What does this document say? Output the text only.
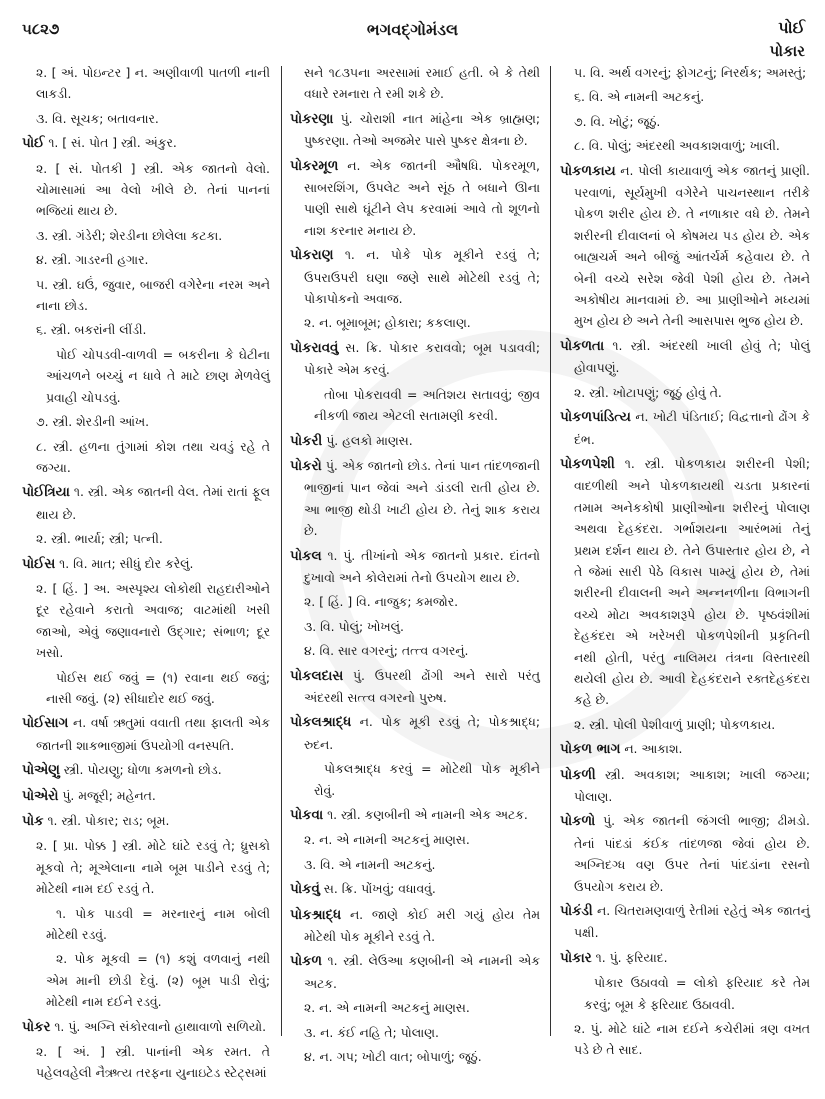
૫૮૨૭	ભગવદ્ગોમંડલ	પોઈ
પોકાર

૨. [ અં. પોઇન્ટર ] ન. અણીવાળી પાતળી નાની લાકડી.

૩. વિ. સૂચક; બતાવનાર.

પોઈ ૧. [ સં. પોત ] સ્ત્રી. અંકુર.

૨. [ સં. પોતકી ] સ્ત્રી. એક જાતનો વેલો. ચોમાસામાં આ વેલો ખીલે છે. તેનાં પાનનાં ભજિયાં થાય છે.

૩. સ્ત્રી. ગંડેરી; શેરડીના છોલેલા કટકા.

૪. સ્ત્રી. ગાડરની હગાર.

૫. સ્ત્રી. ઘઉં, જુવાર, બાજરી વગેરેના નરમ અને નાના છોડ.

૬. સ્ત્રી. બકરાંની લીંડી.

પોઈ ચોપડવી-વાળવી = બકરીના કે ઘેટીના આંચળને બચ્ચું ન ધાવે તે માટે છાણ મેળવેલું પ્રવાહી ચોપડવું.

૭. સ્ત્રી. શેરડીની આંખ.

૮. સ્ત્રી. હળના તુંગામાં કોશ તથા ચવડું રહે તે જગ્યા.

પોઈત્રિયા ૧. સ્ત્રી. એક જાતની વેલ. તેમાં રાતાં ફૂલ થાય છે.

૨. સ્ત્રી. ભાર્યા; સ્ત્રી; પત્ની.

પોઈસ ૧. વિ. માત; સીધું દોર કરેલું.

૨. [ હિં. ] અ. અસ્પૃશ્ય લોકોથી રાહદારીઓને દૂર રહેવાને કરાતો અવાજ; વાટમાંથી ખસી જાઓ, એવું જણાવનારો ઉદ્ગાર; સંભાળ; દૂર ખસો.

પોઈસ થઈ જવું = (૧) રવાના થઈ જવું; નાસી જવું. (૨) સીધાદોર થઈ જવું.

પોઈસાગ ન. વર્ષા ઋતુમાં વવાતી તથા ફાલતી એક જાતની શાકભાજીમાં ઉપયોગી વનસ્પતિ.

પોએણુ સ્ત્રી. પોયણુ; ધોળા કમળનો છોડ.

પોએરો પું. મજૂરી; મહેનત.

પોક ૧. સ્ત્રી. પોકાર; રાડ; બૂમ.

૨. [ પ્રા. પોક્ક ] સ્ત્રી. મોટે ઘાંટે રડવું તે; ધ્રુસકો મૂકવો તે; મૂએલાના નામે બૂમ પાડીને રડવું તે; મોટેથી નામ દઈ રડવું તે.

૧. પોક પાડવી = મરનારનું નામ બોલી મોટેથી રડવું.

૨. પોક મૂકવી = (૧) કશું વળવાનું નથી એમ માની છોડી દેવું. (૨) બૂમ પાડી રોવું; મોટેથી નામ દઈને રડવું.

પોકર ૧. પું. અગ્નિ સંકોરવાનો હાથાવાળો સળિયો.

૨. [ અં. ] સ્ત્રી. પાનાંની એક રમત. તે પહેલવહેલી નૈઋત્ય તરફના યુનાઇટેડ સ્ટેટ્સમાં

સને ૧૮૩૫ના અરસામાં રમાઈ હતી. બે કે તેથી વધારે રમનારા તે રમી શકે છે.

પોકરણા પું. ચોરાશી નાત માંહેના એક બ્રાહ્મણ; પુષ્કરણા. તેઓ અજમેર પાસે પુષ્કર ક્ષેત્રના છે.

પોકરમૂળ ન. એક જાતની ઔષધિ. પોકરમૂળ, સાબરશિંગ, ઉપલેટ અને સૂંઠ તે બધાને ઊના પાણી સાથે ઘૂંટીને લેપ કરવામાં આવે તો શૂળનો નાશ કરનાર મનાય છે.

પોકરાણ ૧. ન. પોકે પોક મૂકીને રડવું તે; ઉપરાઉપરી ઘણા જણે સાથે મોટેથી રડવું તે; પોકાપોકનો અવાજ.

૨. ન. બૂમાબૂમ; હોકારા; કકલાણ.

પોકરાવવું સ. ક્રિ. પોકાર કરાવવો; બૂમ પડાવવી; પોકારે એમ કરવું.

તોબા પોકરાવવી = અતિશય સતાવવું; જીવ નીકળી જાય એટલી સતામણી કરવી.

પોકરી પું. હલકો માણસ.

પોકરો પું. એક જાતનો છોડ. તેનાં પાન તાંદળજાની ભાજીનાં પાન જેવાં અને ડાંડલી રાતી હોય છે. આ ભાજી થોડી ખાટી હોય છે. તેનું શાક કરાય છે.

પોકલ ૧. પું. તીખાંનો એક જાતનો પ્રકાર. દાંતનો દુખાવો અને કોલેરામાં તેનો ઉપયોગ થાય છે.

૨. [ હિં. ] વિ. નાજુક; કમજોર.

૩. વિ. પોલું; ખોખલું.

૪. વિ. સાર વગરનું; તત્ત્વ વગરનું.

પોકલદાસ પું. ઉપરથી ઢોંગી અને સારો પરંતુ અંદરથી સત્ત્વ વગરનો પુરુષ.

પોકલશ્રાદ્ધ ન. પોક મૂકી રડવું તે; પોકશ્રાદ્ધ; રુદન.

પોકલશ્રાદ્ધ કરવું = મોટેથી પોક મૂકીને રોવું.

પોકવા ૧. સ્ત્રી. કણબીની એ નામની એક અટક.

૨. ન. એ નામની અટકનું માણસ.

૩. વિ. એ નામની અટકનું.

પોકવું સ. ક્રિ. પોંખવું; વધાવવું.

પોકશ્રાદ્ધ ન. જાણે કોઈ મરી ગયું હોય તેમ મોટેથી પોક મૂકીને રડવું તે.

પોકળ ૧. સ્ત્રી. લેઉઆ કણબીની એ નામની એક અટક.

૨. ન. એ નામની અટકનું માણસ.

૩. ન. કંઈ નહિ તે; પોલાણ.

૪. ન. ગપ; ખોટી વાત; બોપાળું; જૂઠું.

૫. વિ. અર્થ વગરનું; ફોગટનું; નિરર્થક; અમસ્તું;

૬. વિ. એ નામની અટકનું.

૭. વિ. ખોટું; જૂઠું.

૮. વિ. પોલું; અંદરથી અવકાશવાળું; ખાલી.

પોકળકાય ન. પોલી કાયાવાળું એક જાતનું પ્રાણી. પરવાળાં, સૂર્યમુખી વગેરેને પાચનસ્થાન તરીકે પોકળ શરીર હોય છે. તે નળાકાર વધે છે. તેમને શરીરની દીવાલનાં બે કોષમય પડ હોય છે. એક બાહ્યચર્મ અને બીજું આંતર્ચર્મ કહેવાય છે. તે બેની વચ્ચે સરેશ જેવી પેશી હોય છે. તેમને અકોષીય માનવામાં છે. આ પ્રાણીઓને મધ્યમાં મુખ હોય છે અને તેની આસપાસ ભુજ હોય છે.

પોકળતા ૧. સ્ત્રી. અંદરથી ખાલી હોવું તે; પોલું હોવાપણું.

૨. સ્ત્રી. ખોટાપણું; જૂઠું હોવું તે.

પોકળપાંડિત્ય ન. ખોટી પંડિતાઈ; વિદ્વત્તાનો ઢોંગ કે દંભ.

પોકળપેશી ૧. સ્ત્રી. પોકળકાય શરીરની પેશી; વાદળીથી અને પોકળકાયથી ચડતા પ્રકારનાં તમામ અનેકકોષી પ્રાણીઓના શરીરનું પોલાણ અથવા દેહકંદરા. ગર્ભાશયના આરંભમાં તેનું પ્રથમ દર્શન થાય છે. તેને ઉપાસ્તાર હોય છે, ને તે જેમાં સારી પેઠે વિકાસ પામ્યું હોય છે, તેમાં શરીરની દીવાલની અને અન્નનળીના વિભાગની વચ્ચે મોટા અવકાશરૂપે હોય છે. પૃષ્ઠવંશીમાં દેહકંદરા એ ખરેખરી પોકળપેશીની પ્રકૃતિની નથી હોતી, પરંતુ નાલિમય તંત્રના વિસ્તારથી થયેલી હોય છે. આવી દેહકંદરાને રક્તદેહકંદરા કહે છે.

૨. સ્ત્રી. પોલી પેશીવાળું પ્રાણી; પોકળકાય.

પોકળ ભાગ ન. આકાશ.

પોકળી સ્ત્રી. અવકાશ; આકાશ; ખાલી જગ્યા; પોલાણ.

પોકળો પું. એક જાતની જંગલી ભાજી; ઢીમડો. તેનાં પાંદડાં કંઈક તાંદળજા જેવાં હોય છે. અગ્નિદગ્ધ વણ ઉપર તેનાં પાંદડાંના રસનો ઉપયોગ કરાય છે.

પોકંડી ન. ચિતરામણવાળું રેતીમાં રહેતું એક જાતનું પક્ષી.

પોકાર ૧. પું. ફરિયાદ.

પોકાર ઉઠાવવો = લોકો ફરિયાદ કરે તેમ કરવું; બૂમ કે ફરિયાદ ઉઠાવવી.

૨. પું. મોટે ઘાંટે નામ દઈને કચેરીમાં ત્રણ વખત પડે છે તે સાદ.
